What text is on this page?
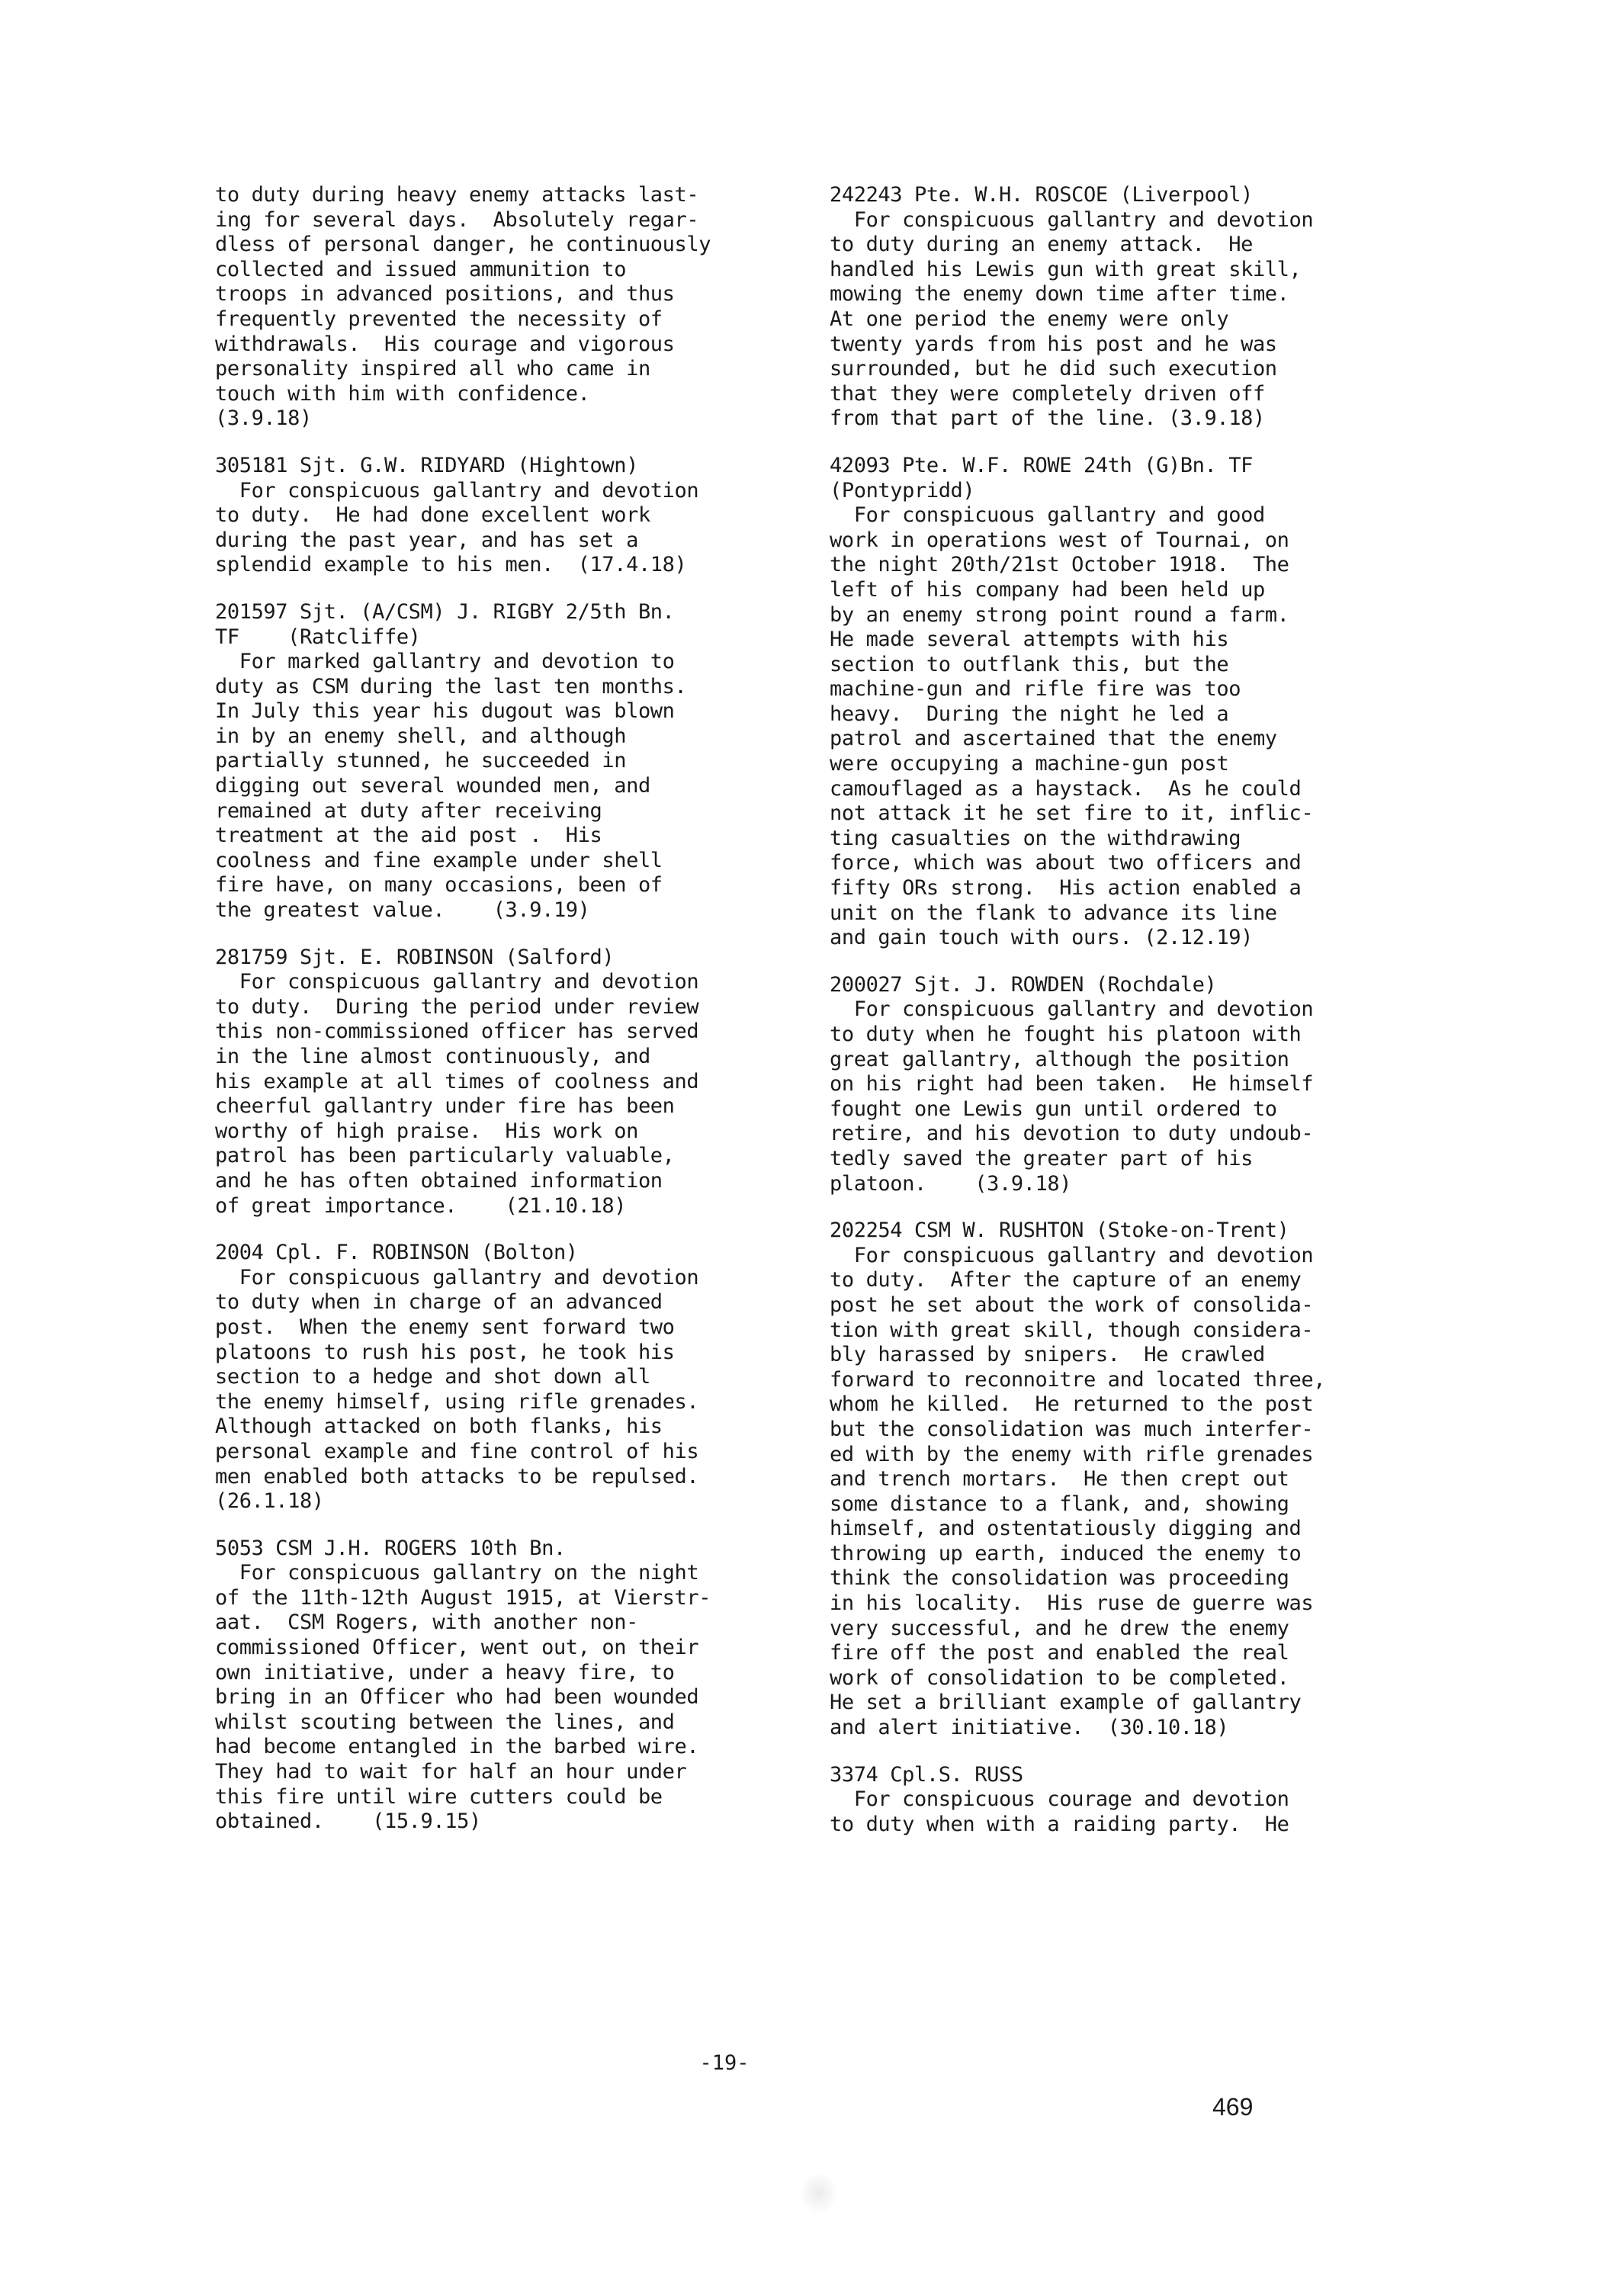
to duty during heavy enemy attacks last-
ing for several days.  Absolutely regar-
dless of personal danger, he continuously
collected and issued ammunition to
troops in advanced positions, and thus
frequently prevented the necessity of
withdrawals.  His courage and vigorous
personality inspired all who came in
touch with him with confidence.
(3.9.18)
305181 Sjt. G.W. RIDYARD (Hightown)
For conspicuous gallantry and devotion
to duty.  He had done excellent work
during the past year, and has set a
splendid example to his men.  (17.4.18)
201597 Sjt. (A/CSM) J. RIGBY 2/5th Bn.
TF    (Ratcliffe)
For marked gallantry and devotion to
duty as CSM during the last ten months.
In July this year his dugout was blown
in by an enemy shell, and although
partially stunned, he succeeded in
digging out several wounded men, and
remained at duty after receiving
treatment at the aid post .  His
coolness and fine example under shell
fire have, on many occasions, been of
the greatest value.    (3.9.19)
281759 Sjt. E. ROBINSON (Salford)
For conspicuous gallantry and devotion
to duty.  During the period under review
this non-commissioned officer has served
in the line almost continuously, and
his example at all times of coolness and
cheerful gallantry under fire has been
worthy of high praise.  His work on
patrol has been particularly valuable,
and he has often obtained information
of great importance.    (21.10.18)
2004 Cpl. F. ROBINSON (Bolton)
For conspicuous gallantry and devotion
to duty when in charge of an advanced
post.  When the enemy sent forward two
platoons to rush his post, he took his
section to a hedge and shot down all
the enemy himself, using rifle grenades.
Although attacked on both flanks, his
personal example and fine control of his
men enabled both attacks to be repulsed.
(26.1.18)
5053 CSM J.H. ROGERS 10th Bn.
For conspicuous gallantry on the night
of the 11th-12th August 1915, at Vierstr-
aat.  CSM Rogers, with another non-
commissioned Officer, went out, on their
own initiative, under a heavy fire, to
bring in an Officer who had been wounded
whilst scouting between the lines, and
had become entangled in the barbed wire.
They had to wait for half an hour under
this fire until wire cutters could be
obtained.    (15.9.15)
242243 Pte. W.H. ROSCOE (Liverpool)
For conspicuous gallantry and devotion
to duty during an enemy attack.  He
handled his Lewis gun with great skill,
mowing the enemy down time after time.
At one period the enemy were only
twenty yards from his post and he was
surrounded, but he did such execution
that they were completely driven off
from that part of the line. (3.9.18)
42093 Pte. W.F. ROWE 24th (G)Bn. TF
(Pontypridd)
For conspicuous gallantry and good
work in operations west of Tournai, on
the night 20th/21st October 1918.  The
left of his company had been held up
by an enemy strong point round a farm.
He made several attempts with his
section to outflank this, but the
machine-gun and rifle fire was too
heavy.  During the night he led a
patrol and ascertained that the enemy
were occupying a machine-gun post
camouflaged as a haystack.  As he could
not attack it he set fire to it, inflic-
ting casualties on the withdrawing
force, which was about two officers and
fifty ORs strong.  His action enabled a
unit on the flank to advance its line
and gain touch with ours. (2.12.19)
200027 Sjt. J. ROWDEN (Rochdale)
For conspicuous gallantry and devotion
to duty when he fought his platoon with
great gallantry, although the position
on his right had been taken.  He himself
fought one Lewis gun until ordered to
retire, and his devotion to duty undoub-
tedly saved the greater part of his
platoon.    (3.9.18)
202254 CSM W. RUSHTON (Stoke-on-Trent)
For conspicuous gallantry and devotion
to duty.  After the capture of an enemy
post he set about the work of consolida-
tion with great skill, though considera-
bly harassed by snipers.  He crawled
forward to reconnoitre and located three,
whom he killed.  He returned to the post
but the consolidation was much interfer-
ed with by the enemy with rifle grenades
and trench mortars.  He then crept out
some distance to a flank, and, showing
himself, and ostentatiously digging and
throwing up earth, induced the enemy to
think the consolidation was proceeding
in his locality.  His ruse de guerre was
very successful, and he drew the enemy
fire off the post and enabled the real
work of consolidation to be completed.
He set a brilliant example of gallantry
and alert initiative.  (30.10.18)
3374 Cpl.S. RUSS
For conspicuous courage and devotion
to duty when with a raiding party.  He
-19-
469
